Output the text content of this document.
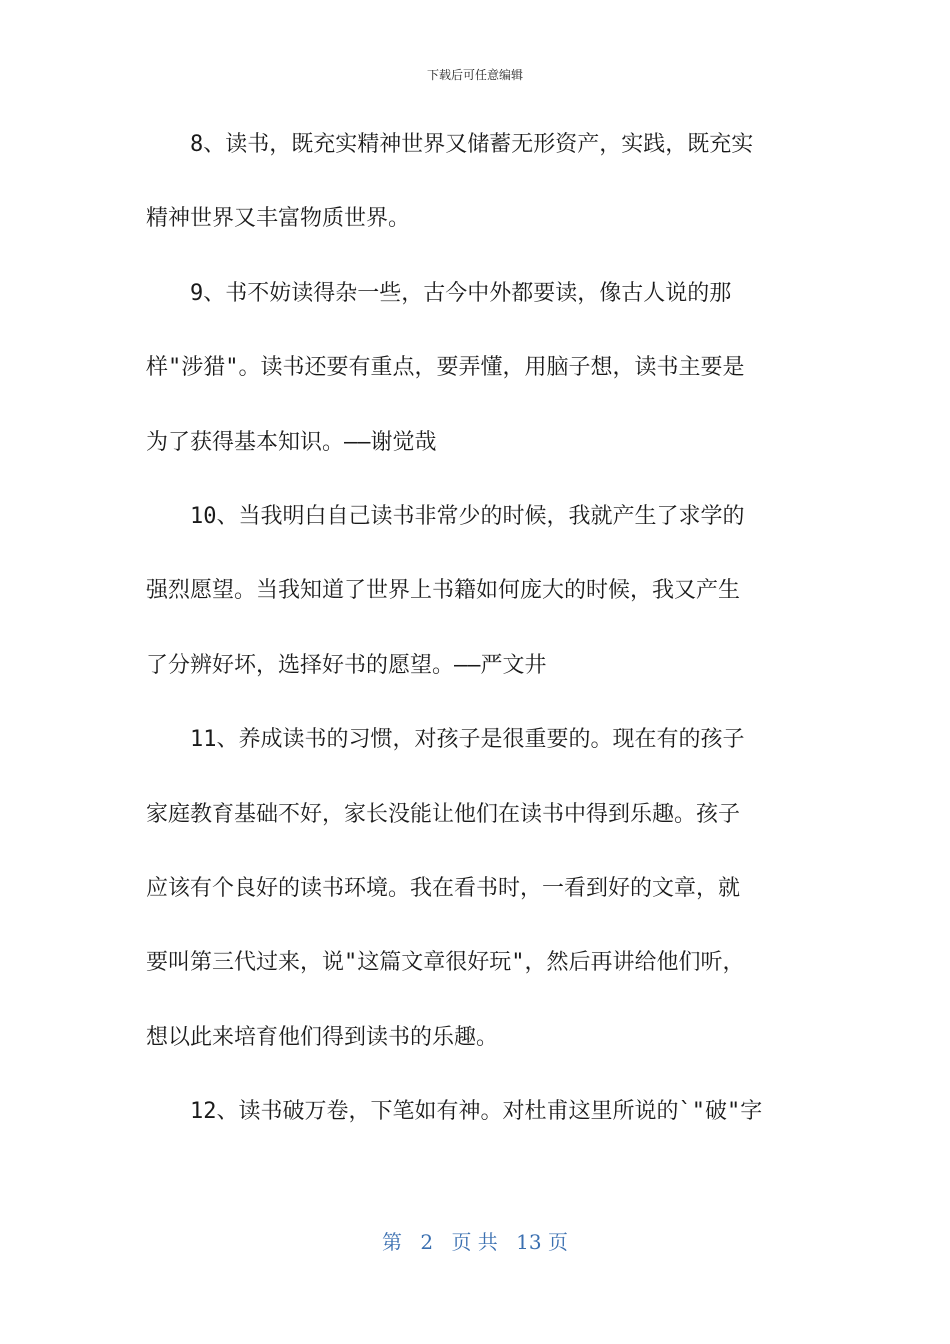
下载后可任意编辑
8、读书，既充实精神世界又储蓄无形资产，实践，既充实
精神世界又丰富物质世界。
9、书不妨读得杂一些，古今中外都要读，像古人说的那
样"涉猎"。读书还要有重点，要弄懂，用脑子想，读书主要是
为了获得基本知识。——谢觉哉
10、当我明白自己读书非常少的时候，我就产生了求学的
强烈愿望。当我知道了世界上书籍如何庞大的时候，我又产生
了分辨好坏，选择好书的愿望。——严文井
11、养成读书的习惯，对孩子是很重要的。现在有的孩子
家庭教育基础不好，家长没能让他们在读书中得到乐趣。孩子
应该有个良好的读书环境。我在看书时，一看到好的文章，就
要叫第三代过来，说"这篇文章很好玩"，然后再讲给他们听，
想以此来培育他们得到读书的乐趣。
12、读书破万卷，下笔如有神。对杜甫这里所说的`"破"字
第 2 页 共 13 页
